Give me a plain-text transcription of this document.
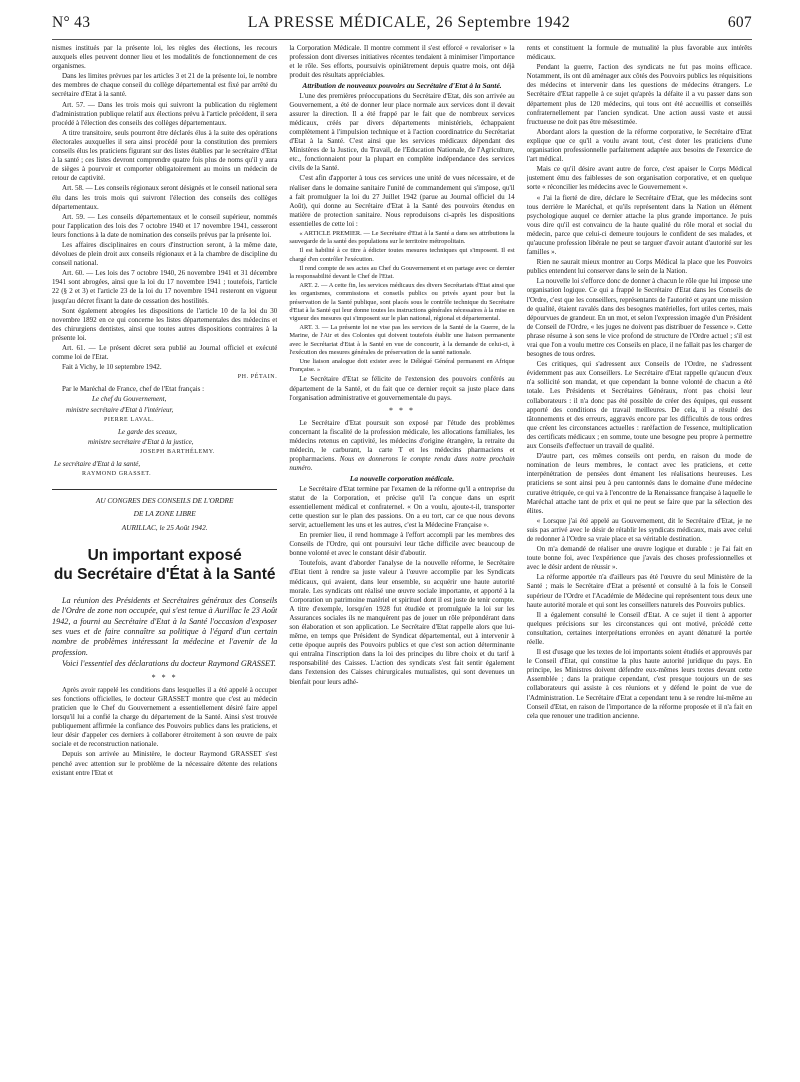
N° 43	LA PRESSE MÉDICALE, 26 Septembre 1942	607

nismes institués par la présente loi, les règles des élections, les recours auxquels elles peuvent donner lieu et les modalités de fonctionnement de ces organismes.

Dans les limites prévues par les articles 3 et 21 de la présente loi, le nombre des membres de chaque conseil du collège départemental est fixé par arrêté du secrétaire d'Etat à la santé.

Art. 57. — Dans les trois mois qui suivront la publication du règlement d'administration publique relatif aux élections prévu à l'article précédent, il sera procédé à l'élection des conseils des collèges départementaux.

A titre transitoire, seuls pourront être déclarés élus à la suite des opérations électorales auxquelles il sera ainsi procédé pour la constitution des premiers conseils élus les praticiens figurant sur des listes établies par le secrétaire d'Etat à la santé ; ces listes devront comprendre quatre fois plus de noms qu'il y aura de sièges à pourvoir et comporter obligatoirement au moins un médecin de retour de captivité.

Art. 58. — Les conseils régionaux seront désignés et le conseil national sera élu dans les trois mois qui suivront l'élection des conseils des collèges départementaux.

Art. 59. — Les conseils départementaux et le conseil supérieur, nommés pour l'application des lois des 7 octobre 1940 et 17 novembre 1941, cesseront leurs fonctions à la date de nomination des conseils prévus par la présente loi.

Les affaires disciplinaires en cours d'instruction seront, à la même date, dévolues de plein droit aux conseils régionaux et à la chambre de discipline du conseil national.

Art. 60. — Les lois des 7 octobre 1940, 26 novembre 1941 et 31 décembre 1941 sont abrogées, ainsi que la loi du 17 novembre 1941 ; toutefois, l'article 22 (§ 2 et 3) et l'article 23 de la loi du 17 novembre 1941 resteront en vigueur jusqu'au décret fixant la date de cessation des hostilités.

Sont également abrogées les dispositions de l'article 10 de la loi du 30 novembre 1892 en ce qui concerne les listes départementales des médecins et des chirurgiens dentistes, ainsi que toutes autres dispositions contraires à la présente loi.

Art. 61. — Le présent décret sera publié au Journal officiel et exécuté comme loi de l'Etat.

Fait à Vichy, le 10 septembre 1942.

PH. PÉTAIN.

Par le Maréchal de France, chef de l'Etat français :

Le chef du Gouvernement,

ministre secrétaire d'Etat à l'intérieur,

PIERRE LAVAL.

Le garde des sceaux,

ministre secrétaire d'Etat à la justice,

JOSEPH BARTHÉLEMY.

Le secrétaire d'Etat à la santé,

RAYMOND GRASSET.
AU CONGRES DES CONSEILS DE L'ORDRE
DE LA ZONE LIBRE
AURILLAC, le 25 Août 1942.
Un important exposé
du Secrétaire d'État à la Santé

La réunion des Présidents et Secrétaires généraux des Conseils de l'Ordre de zone non occupée, qui s'est tenue à Aurillac le 23 Août 1942, a fourni au Secrétaire d'Etat à la Santé l'occasion d'exposer ses vues et de faire connaître sa politique à l'égard d'un certain nombre de problèmes intéressant la médecine et l'avenir de la profession.

Voici l'essentiel des déclarations du docteur Raymond GRASSET.

* * *

Après avoir rappelé les conditions dans lesquelles il a été appelé à occuper ses fonctions officielles, le docteur GRASSET montre que c'est au médecin praticien que le Chef du Gouvernement a essentiellement désiré faire appel lorsqu'il lui a confié la charge du département de la Santé. Ainsi s'est trouvée publiquement affirmée la confiance des Pouvoirs publics dans les praticiens, et leur désir d'appeler ces derniers à collaborer étroitement à son œuvre de paix sociale et de reconstruction nationale.

Depuis son arrivée au Ministère, le docteur Raymond GRASSET s'est penché avec attention sur le problème de la nécessaire détente des relations existant entre l'Etat et

la Corporation Médicale. Il montre comment il s'est efforcé « revaloriser » la profession dont diverses initiatives récentes tendaient à minimiser l'importance et le rôle. Ses efforts, poursuivis opiniâtrement depuis quatre mois, ont déjà produit des résultats appréciables.

Attribution de nouveaux pouvoirs au Secrétaire d'Etat à la Santé.

L'une des premières préoccupations du Secrétaire d'Etat, dès son arrivée au Gouvernement, a été de donner leur place normale aux services dont il devait assurer la direction. Il a été frappé par le fait que de nombreux services médicaux, créés par divers départements ministériels, échappaient complètement à l'impulsion technique et à l'action coordinatrice du Secrétariat d'Etat à la Santé. C'est ainsi que les services médicaux dépendant des Ministères de la Justice, du Travail, de l'Education Nationale, de l'Agriculture, etc., fonctionnaient pour la plupart en complète indépendance des services civils de la Santé.

C'est afin d'apporter à tous ces services une unité de vues nécessaire, et de réaliser dans le domaine sanitaire l'unité de commandement qui s'impose, qu'il a fait promulguer la loi du 27 Juillet 1942 (parue au Journal officiel du 14 Août), qui donne au Secrétaire d'Etat à la Santé des pouvoirs étendus en matière de protection sanitaire. Nous reproduisons ci-après les dispositions essentielles de cette loi :

« ARTICLE PREMIER. — Le Secrétaire d'Etat à la Santé a dans ses attributions la sauvegarde de la santé des populations sur le territoire métropolitain.

Il est habilité à ce titre à édicter toutes mesures techniques qui s'imposent. Il est chargé d'en contrôler l'exécution.

Il rend compte de ses actes au Chef du Gouvernement et en partage avec ce dernier la responsabilité devant le Chef de l'Etat.

ART. 2. — A cette fin, les services médicaux des divers Secrétariats d'Etat ainsi que les organismes, commissions et conseils publics ou privés ayant pour but la préservation de la Santé publique, sont placés sous le contrôle technique du Secrétaire d'Etat à la Santé qui leur donne toutes les instructions générales nécessaires à la mise en vigueur des mesures qui s'imposent sur le plan national, régional et départemental.

ART. 3. — La présente loi ne vise pas les services de la Santé de la Guerre, de la Marine, de l'Air et des Colonies qui doivent toutefois établir une liaison permanente avec le Secrétariat d'Etat à la Santé en vue de concourir, à la demande de celui-ci, à l'exécution des mesures générales de préservation de la santé nationale.

Une liaison analogue doit exister avec le Délégué Général permanent en Afrique Française. »

Le Secrétaire d'Etat se félicite de l'extension des pouvoirs conférés au département de la Santé, et du fait que ce dernier reçoit sa juste place dans l'organisation administrative et gouvernementale du pays.

* * *

Le Secrétaire d'Etat poursuit son exposé par l'étude des problèmes concernant la fiscalité de la profession médicale, les allocations familiales, les médecins retenus en captivité, les médecins d'origine étrangère, la retraite du médecin, le carburant, la carte T et les médecins pharmaciens et propharmaciens. Nous en donnerons le compte rendu dans notre prochain numéro.

La nouvelle corporation médicale.

Le Secrétaire d'Etat termine par l'examen de la réforme qu'il a entreprise du statut de la Corporation, et précise qu'il l'a conçue dans un esprit essentiellement médical et confraternel. « On a voulu, ajoute-t-il, transporter cette question sur le plan des passions. On a eu tort, car ce que nous devons servir, actuellement les uns et les autres, c'est la Médecine Française ».

En premier lieu, il rend hommage à l'effort accompli par les membres des Conseils de l'Ordre, qui ont poursuivi leur tâche difficile avec beaucoup de bonne volonté et avec le constant désir d'aboutir.

Toutefois, avant d'aborder l'analyse de la nouvelle réforme, le Secrétaire d'Etat tient à rendre sa juste valeur à l'œuvre accomplie par les Syndicats médicaux, qui avaient, dans leur ensemble, su acquérir une haute autorité morale. Les syndicats ont réalisé une œuvre sociale importante, et apporté à la Corporation un patrimoine matériel et spirituel dont il est juste de tenir compte. A titre d'exemple, lorsqu'en 1928 fut étudiée et promulguée la loi sur les Assurances sociales ils ne manquèrent pas de jouer un rôle prépondérant dans son élaboration et son application. Le Secrétaire d'Etat rappelle alors que lui-même, en temps que Président de Syndicat départemental, eut à intervenir à cette époque auprès des Pouvoirs publics et que c'est son action déterminante qui entraîna l'inscription dans la loi des principes du libre choix et du tarif à responsabilité des Caisses. L'action des syndicats s'est fait sentir également dans l'extension des Caisses chirurgicales mutualistes, qui sont devenues un bienfait pour leurs adhé-

rents et constituent la formule de mutualité la plus favorable aux intérêts médicaux.

Pendant la guerre, l'action des syndicats ne fut pas moins efficace. Notamment, ils ont dû aménager aux côtés des Pouvoirs publics les réquisitions des médecins et intervenir dans les questions de médecins étrangers. Le Secrétaire d'Etat rappelle à ce sujet qu'après la défaite il a vu passer dans son département plus de 120 médecins, qui tous ont été accueillis et conseillés confraternellement par l'ancien syndicat. Une action aussi vaste et aussi fructueuse ne doit pas être mésestimée.

Abordant alors la question de la réforme corporative, le Secrétaire d'Etat explique que ce qu'il a voulu avant tout, c'est doter les praticiens d'une organisation professionnelle parfaitement adaptée aux besoins de l'exercice de l'art médical.

Mais ce qu'il désire avant autre de force, c'est apaiser le Corps Médical justement ému des faiblesses de son organisation corporative, et en quelque sorte « réconcilier les médecins avec le Gouvernement ».

« J'ai la fierté de dire, déclare le Secrétaire d'Etat, que les médecins sont tous derrière le Maréchal, et qu'ils représentent dans la Nation un élément psychologique auquel ce dernier attache la plus grande importance. Je puis vous dire qu'il est convaincu de la haute qualité du rôle moral et social du médecin, parce que celui-ci demeure toujours le confident de ses malades, et qu'aucune profession libérale ne peut se targuer d'avoir autant d'autorité sur les familles ».

Rien ne saurait mieux montrer au Corps Médical la place que les Pouvoirs publics entendent lui conserver dans le sein de la Nation.

La nouvelle loi s'efforce donc de donner à chacun le rôle que lui impose une organisation logique. Ce qui a frappé le Secrétaire d'Etat dans les Conseils de l'Ordre, c'est que les conseillers, représentants de l'autorité et ayant une mission de qualité, étaient ravalés dans des besognes matérielles, fort utiles certes, mais dépourvues de grandeur. En un mot, et selon l'expression imagée d'un Président de Conseil de l'Ordre, « les juges ne doivent pas distribuer de l'essence ». Cette phrase résume à son sens le vice profond de structure de l'Ordre actuel ; s'il est vrai que l'on a voulu mettre ces Conseils en place, il ne fallait pas les charger de besognes de tous ordres.

Ces critiques, qui s'adressent aux Conseils de l'Ordre, ne s'adressent évidemment pas aux Conseillers. Le Secrétaire d'Etat rappelle qu'aucun d'eux n'a sollicité son mandat, et que cependant la bonne volonté de chacun a été totale. Les Présidents et Secrétaires Généraux, n'ont pas choisi leur collaborateurs : il n'a donc pas été possible de créer des équipes, qui eussent apporté des conditions de travail meilleures. De cela, il a résulté des tâtonnements et des erreurs, aggravés encore par les difficultés de tous ordres que créent les circonstances actuelles : raréfaction de l'essence, multiplication des certificats médicaux ; en somme, toute une besogne peu propre à permettre aux Conseils d'effectuer un travail de qualité.

D'autre part, ces mêmes conseils ont perdu, en raison du mode de nomination de leurs membres, le contact avec les praticiens, et cette interpénétration de pensées dont émanent les réalisations heureuses. Les praticiens se sont ainsi peu à peu cantonnés dans le domaine d'une médecine curative étriquée, ce qui va à l'encontre de la Renaissance française à laquelle le Maréchal attache tant de prix et qui ne peut se faire que par la sélection des élites.

« Lorsque j'ai été appelé au Gouvernement, dit le Secrétaire d'Etat, je ne suis pas arrivé avec le désir de rétablir les syndicats médicaux, mais avec celui de redonner à l'Ordre sa vraie place et sa véritable destination.

On m'a demandé de réaliser une œuvre logique et durable : je l'ai fait en toute bonne foi, avec l'expérience que j'avais des choses professionnelles et avec le désir ardent de réussir ».

La réforme apportée n'a d'ailleurs pas été l'œuvre du seul Ministère de la Santé ; mais le Secrétaire d'Etat a présenté et consulté à la fois le Conseil supérieur de l'Ordre et l'Académie de Médecine qui représentent tous deux une haute autorité morale et qui sont les conseillers naturels des Pouvoirs publics.

Il a également consulté le Conseil d'Etat. A ce sujet il tient à apporter quelques précisions sur les circonstances qui ont motivé, précédé cette consultation, certaines interprétations erronées en ayant dénaturé la portée réelle.

Il est d'usage que les textes de loi importants soient étudiés et approuvés par le Conseil d'Etat, qui constitue la plus haute autorité juridique du pays. En principe, les Ministres doivent défendre eux-mêmes leurs textes devant cette Assemblée ; dans la pratique cependant, c'est presque toujours un de ses collaborateurs qui assiste à ces réunions et y défend le point de vue de l'Administration. Le Secrétaire d'Etat a cependant tenu à se rendre lui-même au Conseil d'Etat, en raison de l'importance de la réforme proposée et il n'a fait en cela que renouer une tradition ancienne.
